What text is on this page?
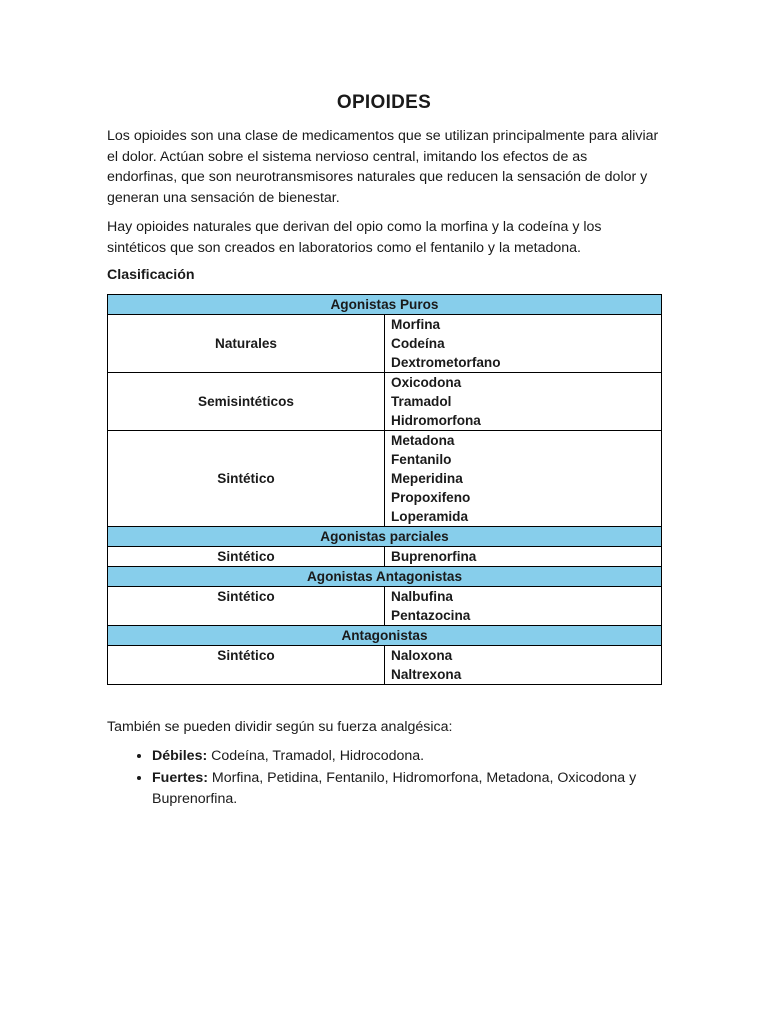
OPIOIDES

Los opioides son una clase de medicamentos que se utilizan principalmente para aliviar el dolor. Actúan sobre el sistema nervioso central, imitando los efectos de as endorfinas, que son neurotransmisores naturales que reducen la sensación de dolor y generan una sensación de bienestar.

Hay opioides naturales que derivan del opio como la morfina y la codeína y los sintéticos que son creados en laboratorios como el fentanilo y la metadona.

Clasificación
Agonistas Puros	
Naturales	Morfina
Codeína
Dextrometorfano

Semisintéticos	Oxicodona
Tramadol
Hidromorfona

Sintético	Metadona
Fentanilo
Meperidina
Propoxifeno
Loperamida

Agonistas parciales	
Sintético	Buprenorfina

Agonistas Antagonistas	
Sintético	Nalbufina
Pentazocina

Antagonistas	
Sintético	Naloxona
Naltrexona

También se pueden dividir según su fuerza analgésica:

• Débiles: Codeína, Tramadol, Hidrocodona.
• Fuertes: Morfina, Petidina, Fentanilo, Hidromorfona, Metadona, Oxicodona y Buprenorfina.
